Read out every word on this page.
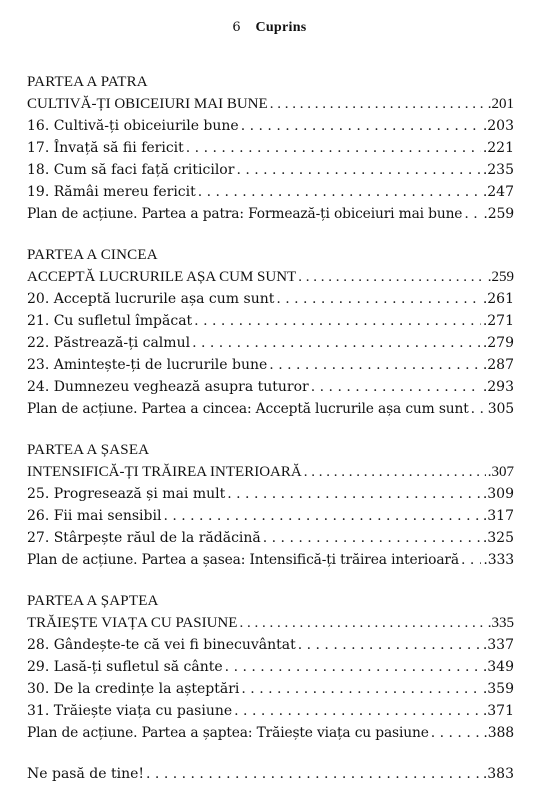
6 Cuprins
PARTEA A PATRA
CULTIVĂ-ȚI OBICEIURI MAI BUNE . . .	.201
16. Cultivă-ți obiceiurile bune . . .	.203
17. Învață să fii fericit . . .	.221
18. Cum să faci față criticilor . . .	.235
19. Rămâi mereu fericit . . .	.247
Plan de acțiune. Partea a patra: Formează-ți obiceiuri mai bune . . . .259
PARTEA A CINCEA
ACCEPTĂ LUCRURILE AȘA CUM SUNT . . .	.259
20. Acceptă lucrurile așa cum sunt . . .	.261
21. Cu sufletul împăcat . . .	.271
22. Păstrează-ți calmul . . .	.279
23. Amintește-ți de lucrurile bune . . .	.287
24. Dumnezeu veghează asupra tuturor . . .	.293
Plan de acțiune. Partea a cincea: Acceptă lucrurile așa cum sunt . . . 305
PARTEA A ȘASEA
INTENSIFICĂ-ȚI TRĂIREA INTERIOARĂ . . .	.307
25. Progresează și mai mult . . .	.309
26. Fii mai sensibil . . .	.317
27. Stârpește răul de la rădăcină . . .	.325
Plan de acțiune. Partea a șasea: Intensifică-ți trăirea interioară . . . .333
PARTEA A ȘAPTEA
TRĂIEȘTE VIAȚA CU PASIUNE . . .	.335
28. Gândește-te că vei fi binecuvântat . . .	.337
29. Lasă-ți sufletul să cânte . . .	.349
30. De la credințe la așteptări . . .	.359
31. Trăiește viața cu pasiune . . .	.371
Plan de acțiune. Partea a șaptea: Trăiește viața cu pasiune . . .	.388
Ne pasă de tine! . . .	.383
